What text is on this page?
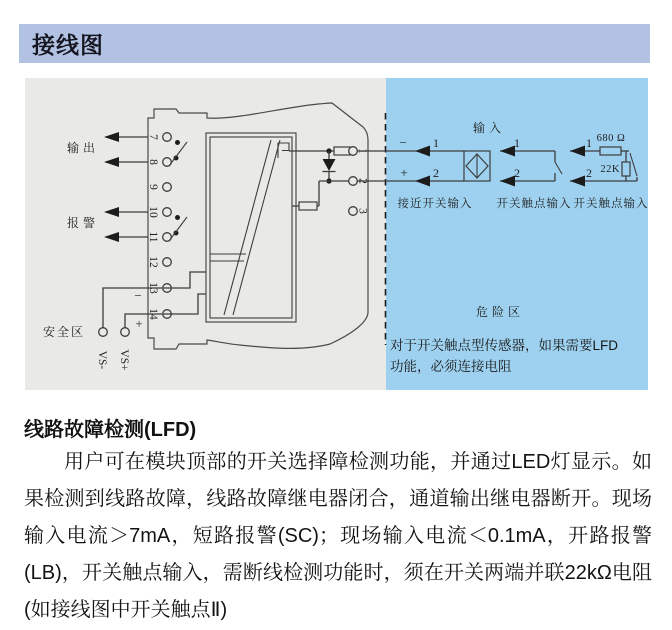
接线图
7
8
9
10
11
12
13
14
−
+
VS- VS+
1
2
3
−
+
1
2
接近开关输入
1
2
开关触点输入
1
2
680 Ω
22K
开关触点输入
输出
报警
安全区
输入
危险区
对于开关触点型传感器，如果需要LFD
功能，必须连接电阻
线路故障检测(LFD)
用户可在模块顶部的开关选择障检测功能，并通过LED灯显示。如果检测到线路故障，线路故障继电器闭合，通道输出继电器断开。现场输入电流＞7mA，短路报警(SC)；现场输入电流＜0.1mA，开路报警(LB)，开关触点输入，需断线检测功能时，须在开关两端并联22kΩ电阻(如接线图中开关触点Ⅱ)
